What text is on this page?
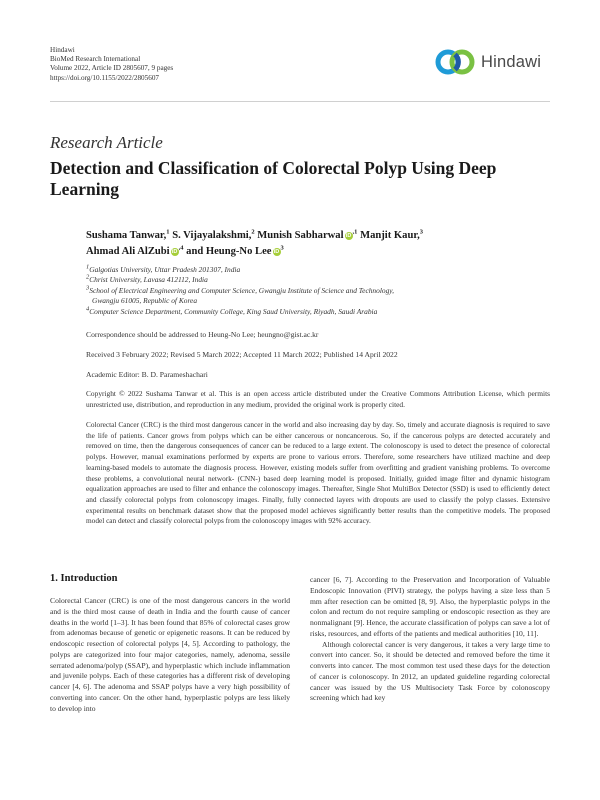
Hindawi
BioMed Research International
Volume 2022, Article ID 2805607, 9 pages
https://doi.org/10.1155/2022/2805607
Hindawi
Research Article
Detection and Classification of Colorectal Polyp Using Deep Learning
Sushama Tanwar,$^1$ S. Vijayalakshmi,$^2$ Munish Sabharwal $iD^{,1}$ Manjit Kaur,$^3$
Ahmad Ali AlZubi $iD^{,4}$ and Heung-No Lee $iD^3$
$^1$Galgotias University, Uttar Pradesh 201307, India
$^2$Christ University, Lavasa 412112, India
$^3$School of Electrical Engineering and Computer Science, Gwangju Institute of Science and Technology,
Gwangju 61005, Republic of Korea
$^4$Computer Science Department, Community College, King Saud University, Riyadh, Saudi Arabia
Correspondence should be addressed to Heung-No Lee; heungno@gist.ac.kr
Received 3 February 2022; Revised 5 March 2022; Accepted 11 March 2022; Published 14 April 2022
Academic Editor: B. D. Parameshachari
Copyright © 2022 Sushama Tanwar et al. This is an open access article distributed under the Creative Commons Attribution License, which permits unrestricted use, distribution, and reproduction in any medium, provided the original work is properly cited.
Colorectal Cancer (CRC) is the third most dangerous cancer in the world and also increasing day by day. So, timely and accurate diagnosis is required to save the life of patients. Cancer grows from polyps which can be either cancerous or noncancerous. So, if the cancerous polyps are detected accurately and removed on time, then the dangerous consequences of cancer can be reduced to a large extent. The colonoscopy is used to detect the presence of colorectal polyps. However, manual examinations performed by experts are prone to various errors. Therefore, some researchers have utilized machine and deep learning-based models to automate the diagnosis process. However, existing models suffer from overfitting and gradient vanishing problems. To overcome these problems, a convolutional neural network- (CNN-) based deep learning model is proposed. Initially, guided image filter and dynamic histogram equalization approaches are used to filter and enhance the colonoscopy images. Thereafter, Single Shot MultiBox Detector (SSD) is used to efficiently detect and classify colorectal polyps from colonoscopy images. Finally, fully connected layers with dropouts are used to classify the polyp classes. Extensive experimental results on benchmark dataset show that the proposed model achieves significantly better results than the competitive models. The proposed model can detect and classify colorectal polyps from the colonoscopy images with 92% accuracy.
1. Introduction

Colorectal Cancer (CRC) is one of the most dangerous cancers in the world and is the third most cause of death in India and the fourth cause of cancer deaths in the world [1–3]. It has been found that 85% of colorectal cases grow from adenomas because of genetic or epigenetic reasons. It can be reduced by endoscopic resection of colorectal polyps [4, 5]. According to pathology, the polyps are categorized into four major categories, namely, adenoma, sessile serrated adenoma/polyp (SSAP), and hyperplastic which include inflammation and juvenile polyps. Each of these categories has a different risk of developing cancer [4, 6]. The adenoma and SSAP polyps have a very high possibility of converting into cancer. On the other hand, hyperplastic polyps are less likely to develop into

cancer [6, 7]. According to the Preservation and Incorporation of Valuable Endoscopic Innovation (PIVI) strategy, the polyps having a size less than 5 mm after resection can be omitted [8, 9]. Also, the hyperplastic polyps in the colon and rectum do not require sampling or endoscopic resection as they are nonmalignant [9]. Hence, the accurate classification of polyps can save a lot of risks, resources, and efforts of the patients and medical authorities [10, 11].

Although colorectal cancer is very dangerous, it takes a very large time to convert into cancer. So, it should be detected and removed before the time it converts into cancer. The most common test used these days for the detection of cancer is colonoscopy. In 2012, an updated guideline regarding colorectal cancer was issued by the US Multisociety Task Force by colonoscopy screening which had key
